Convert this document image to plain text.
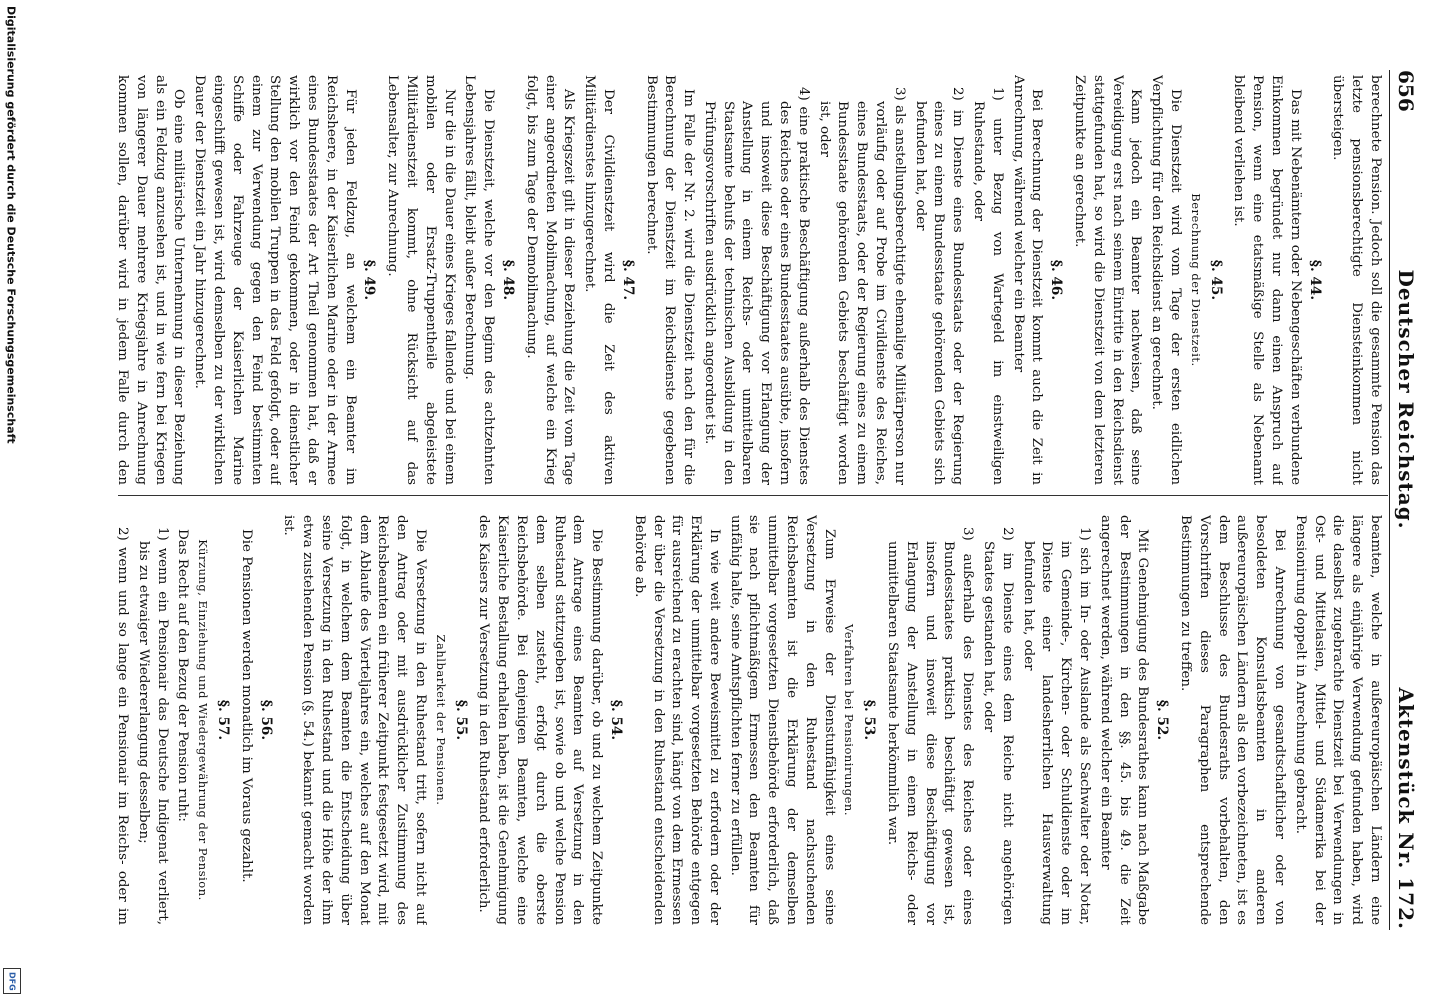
Digitalisierung gefördert durch die Deutsche Forschungsgemeinschaft
DFG
656
Deutscher Reichstag.
Aktenstück Nr. 172.

berechnete Pension. Jedoch soll die gesammte Pension das letzte pensionsberechtigte Diensteinkommen nicht übersteigen.

§. 44.

Das mit Nebenämtern oder Nebengeschäften verbundene Einkommen begründet nur dann einen Anspruch auf Pension, wenn eine etatsmäßige Stelle als Nebenamt bleibend verliehen ist.

§. 45.

Berechnung der Dienstzeit.

Die Dienstzeit wird vom Tage der ersten eidlichen Verpflichtung für den Reichsdienst an gerechnet.

Kann jedoch ein Beamter nachweisen, daß seine Vereidigung erst nach seinem Eintritte in den Reichsdienst stattgefunden hat, so wird die Dienstzeit von dem letzteren Zeitpunkte an gerechnet.

§. 46.

Bei Berechnung der Dienstzeit kommt auch die Zeit in Anrechnung, während welcher ein Beamter

1) unter Bezug von Wartegeld im einstweiligen Ruhestande, oder

2) im Dienste eines Bundesstaats oder der Regierung eines zu einem Bundesstaate gehörenden Gebiets sich befunden hat, oder

3) als anstellungsberechtigte ehemalige Militärperson nur vorläufig oder auf Probe im Civildienste des Reiches, eines Bundesstaats, oder der Regierung eines zu einem Bundesstaate gehörenden Gebiets beschäftigt worden ist, oder

4) eine praktische Beschäftigung außerhalb des Dienstes des Reiches oder eines Bundesstaates ausübte, insofern und insoweit diese Beschäftigung vor Erlangung der Anstellung in einem Reichs- oder unmittelbaren Staatsamte behufs der technischen Ausbildung in den Prüfungsvorschriften ausdrücklich angeordnet ist.

Im Falle der Nr. 2. wird die Dienstzeit nach den für die Berechnung der Dienstzeit im Reichsdienste gegebenen Bestimmungen berechnet.

§. 47.

Der Civildienstzeit wird die Zeit des aktiven Militärdienstes hinzugerechnet.

Als Kriegszeit gilt in dieser Beziehung die Zeit vom Tage einer angeordneten Mobilmachung, auf welche ein Krieg folgt, bis zum Tage der Demobilmachung.

§. 48.

Die Dienstzeit, welche vor den Beginn des achtzehnten Lebensjahres fällt, bleibt außer Berechnung.

Nur die in die Dauer eines Krieges fallende und bei einem mobilen oder Ersatz-Truppentheile abgeleistete Militärdienstzeit kommt, ohne Rücksicht auf das Lebensalter, zur Anrechnung.

§. 49.

Für jeden Feldzug, an welchem ein Beamter im Reichsheere, in der Kaiserlichen Marine oder in der Armee eines Bundesstaates der Art Theil genommen hat, daß er wirklich vor den Feind gekommen, oder in dienstlicher Stellung den mobilen Truppen in das Feld gefolgt, oder auf einem zur Verwendung gegen den Feind bestimmten Schiffe oder Fahrzeuge der Kaiserlichen Marine eingeschifft gewesen ist, wird demselben zu der wirklichen Dauer der Dienstzeit ein Jahr hinzugerechnet.

Ob eine militärische Unternehmung in dieser Beziehung als ein Feldzug anzusehen ist, und in wie fern bei Kriegen von längerer Dauer mehrere Kriegsjahre in Anrechnung kommen sollen, darüber wird in jedem Falle durch den

beamten, welche in außereuropäischen Ländern eine längere als einjährige Verwendung gefunden haben, wird die daselbst zugebrachte Dienstzeit bei Verwendungen in Ost- und Mittelasien, Mittel- und Südamerika bei der Pensionirung doppelt in Anrechnung gebracht.

Bei Anrechnung von gesandtschaftlicher oder von besoldeten Konsulatsbeamten in anderen außereuropäischen Ländern als den vorbezeichneten, ist es dem Beschlusse des Bundesraths vorbehalten, den Vorschriften dieses Paragraphen entsprechende Bestimmungen zu treffen.

§. 52.

Mit Genehmigung des Bundesrathes kann nach Maßgabe der Bestimmungen in den §§. 45. bis 49. die Zeit angerechnet werden, während welcher ein Beamter

1) sich im In- oder Auslande als Sachwalter oder Notar, im Gemeinde-, Kirchen- oder Schuldienste oder im Dienste einer landesherrlichen Hausverwaltung befunden hat, oder

2) im Dienste eines dem Reiche nicht angehörigen Staates gestanden hat, oder

3) außerhalb des Dienstes des Reiches oder eines Bundesstaates praktisch beschäftigt gewesen ist, insofern und insoweit diese Beschäftigung vor Erlangung der Anstellung in einem Reichs- oder unmittelbaren Staatsamte herkömmlich war.

§. 53.

Verfahren bei Pensionirungen.

Zum Erweise der Dienstunfähigkeit eines seine Versetzung in den Ruhestand nachsuchenden Reichsbeamten ist die Erklärung der demselben unmittelbar vorgesetzten Dienstbehörde erforderlich, daß sie nach pflichtmäßigem Ermessen den Beamten für unfähig halte, seine Amtspflichten ferner zu erfüllen.

In wie weit andere Beweismittel zu erfordern oder der Erklärung der unmittelbar vorgesetzten Behörde entgegen für ausreichend zu erachten sind, hängt von dem Ermessen der über die Versetzung in den Ruhestand entscheidenden Behörde ab.

§. 54.

Die Bestimmung darüber, ob und zu welchem Zeitpunkte dem Antrage eines Beamten auf Versetzung in den Ruhestand stattzugeben ist, sowie ob und welche Pension dem selben zusteht, erfolgt durch die oberste Reichsbehörde. Bei denjenigen Beamten, welche eine Kaiserliche Bestallung erhalten haben, ist die Genehmigung des Kaisers zur Versetzung in den Ruhestand erforderlich.

§. 55.

Zahlbarkeit der Pensionen.

Die Versetzung in den Ruhestand tritt, sofern nicht auf den Antrag oder mit ausdrücklicher Zustimmung des Reichsbeamten ein früherer Zeitpunkt festgesetzt wird, mit dem Ablaufe des Vierteljahres ein, welches auf den Monat folgt, in welchem dem Beamten die Entscheidung über seine Versetzung in den Ruhestand und die Höhe der ihm etwa zustehenden Pension (§. 54.) bekannt gemacht worden ist.

§. 56.

Die Pensionen werden monatlich im Voraus gezahlt.

§. 57.

Kürzung, Einziehung und Wiedergewährung der Pension.

Das Recht auf den Bezug der Pension ruht:

1) wenn ein Pensionair das Deutsche Indigenat verliert, bis zu etwaiger Wiedererlangung desselben;

2) wenn und so lange ein Pensionair im Reichs- oder im
